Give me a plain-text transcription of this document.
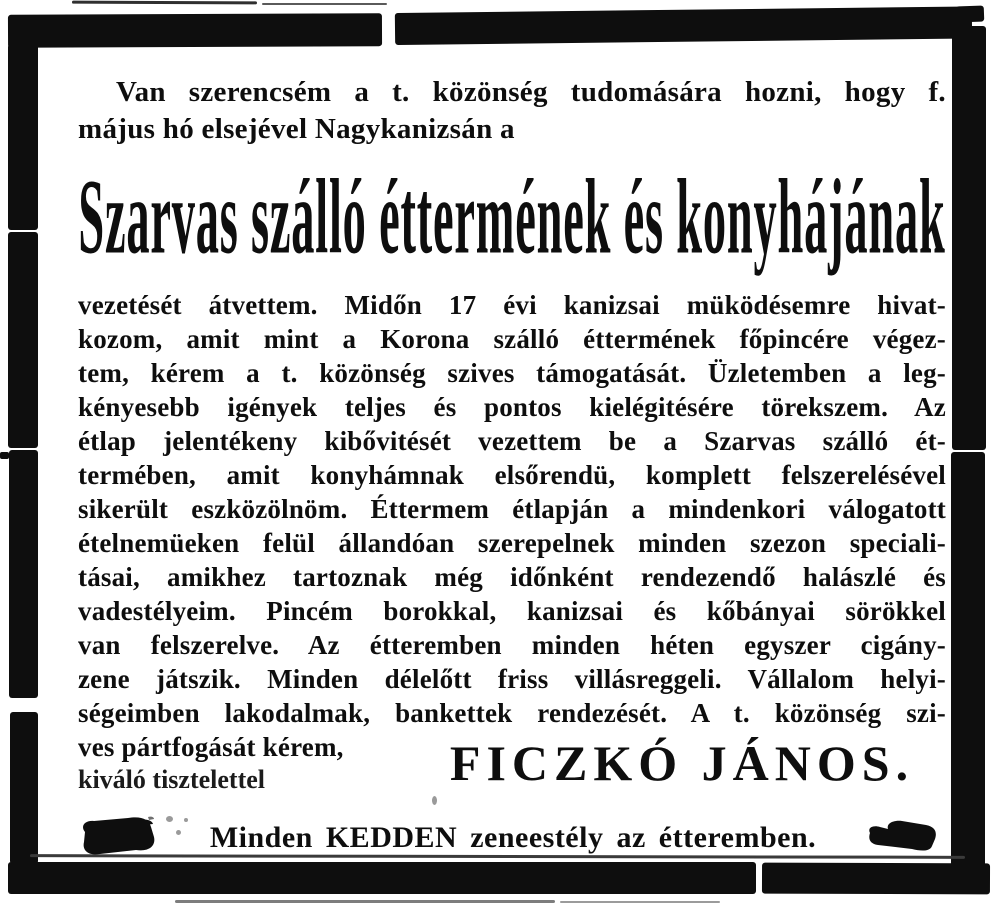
Van szerencsém a t. közönség tudomására hozni, hogy f.
május hó elsejével Nagykanizsán a
Szarvas szálló éttermének és konyhájának
vezetését átvettem. Midőn 17 évi kanizsai müködésemre hivat-
kozom, amit mint a Korona szálló éttermének főpincére végez-
tem, kérem a t. közönség szives támogatását. Üzletemben a leg-
kényesebb igények teljes és pontos kielégitésére törekszem. Az
étlap jelentékeny kibővitését vezettem be a Szarvas szálló ét-
termében, amit konyhámnak elsőrendü, komplett felszerelésével
sikerült eszközölnöm. Éttermem étlapján a mindenkori válogatott
ételnemüeken felül állandóan szerepelnek minden szezon speciali-
tásai, amikhez tartoznak még időnként rendezendő halászlé és
vadestélyeim. Pincém borokkal, kanizsai és kőbányai sörökkel
van felszerelve. Az étteremben minden héten egyszer cigány-
zene játszik. Minden délelőtt friss villásreggeli. Vállalom helyi-
ségeimben lakodalmak, bankettek rendezését. A t. közönség szi-
ves pártfogását kérem,
kiváló tisztelettel	FICZKÓ JÁNOS.
Minden KEDDEN zeneestély az étteremben.
